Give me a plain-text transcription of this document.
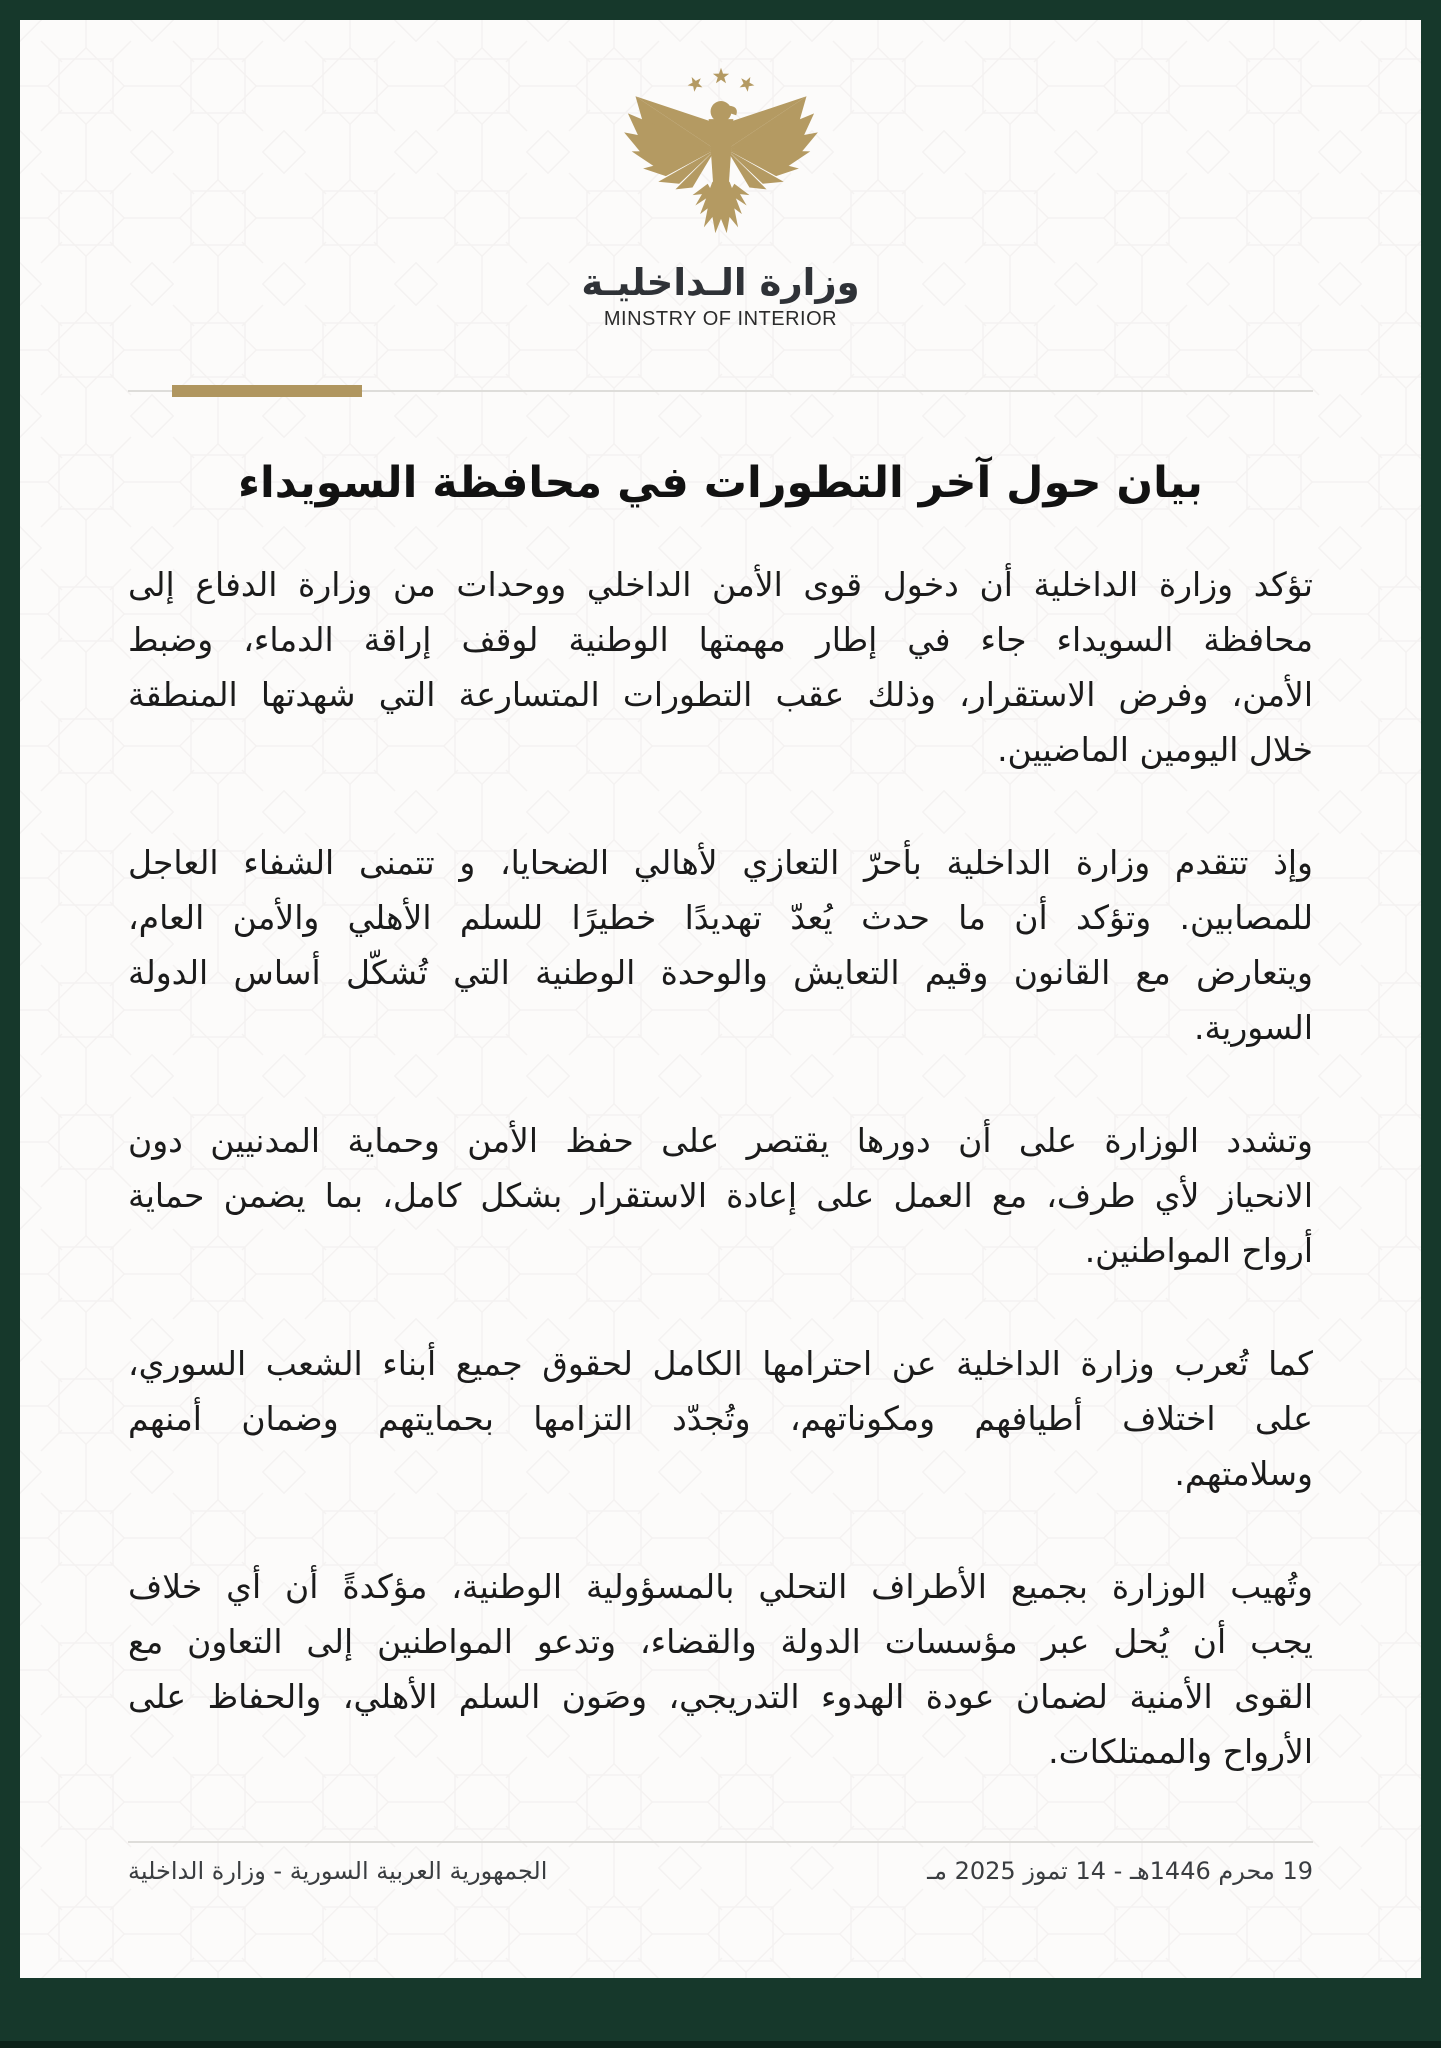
وزارة الـداخليـة
MINSTRY OF INTERIOR
بيان حول آخر التطورات في محافظة السويداء
تؤكد وزارة الداخلية أن دخول قوى الأمن الداخلي ووحدات من وزارة الدفاع إلى
محافظة السويداء جاء في إطار مهمتها الوطنية لوقف إراقة الدماء، وضبط
الأمن، وفرض الاستقرار، وذلك عقب التطورات المتسارعة التي شهدتها المنطقة
خلال اليومين الماضيين.
وإذ تتقدم وزارة الداخلية بأحرّ التعازي لأهالي الضحايا، و تتمنى الشفاء العاجل
للمصابين. وتؤكد أن ما حدث يُعدّ تهديدًا خطيرًا للسلم الأهلي والأمن العام،
ويتعارض مع القانون وقيم التعايش والوحدة الوطنية التي تُشكّل أساس الدولة
السورية.
وتشدد الوزارة على أن دورها يقتصر على حفظ الأمن وحماية المدنيين دون
الانحياز لأي طرف، مع العمل على إعادة الاستقرار بشكل كامل، بما يضمن حماية
أرواح المواطنين.
كما تُعرب وزارة الداخلية عن احترامها الكامل لحقوق جميع أبناء الشعب السوري،
على اختلاف أطيافهم ومكوناتهم، وتُجدّد التزامها بحمايتهم وضمان أمنهم
وسلامتهم.
وتُهيب الوزارة بجميع الأطراف التحلي بالمسؤولية الوطنية، مؤكدةً أن أي خلاف
يجب أن يُحل عبر مؤسسات الدولة والقضاء، وتدعو المواطنين إلى التعاون مع
القوى الأمنية لضمان عودة الهدوء التدريجي، وصَون السلم الأهلي، والحفاظ على
الأرواح والممتلكات.
19 محرم 1446هـ - 14 تموز 2025 مـ
الجمهورية العربية السورية - وزارة الداخلية
